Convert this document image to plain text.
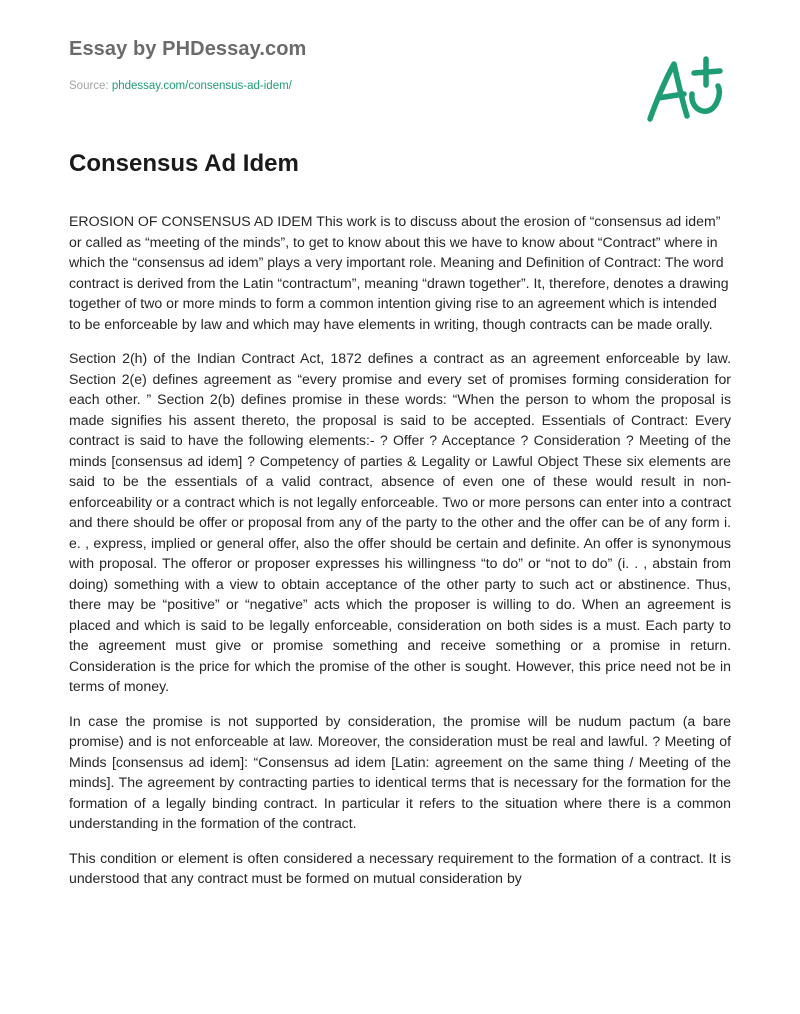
Essay by PHDessay.com
Source: phdessay.com/consensus-ad-idem/
Consensus Ad Idem

EROSION OF CONSENSUS AD IDEM This work is to discuss about the erosion of “consensus ad idem” or called as “meeting of the minds”, to get to know about this we have to know about “Contract” where in which the “consensus ad idem” plays a very important role. Meaning and Definition of Contract: The word contract is derived from the Latin “contractum”, meaning “drawn together”. It, therefore, denotes a drawing together of two or more minds to form a common intention giving rise to an agreement which is intended to be enforceable by law and which may have elements in writing, though contracts can be made orally.

Section 2(h) of the Indian Contract Act, 1872 defines a contract as an agreement enforceable by law. Section 2(e) defines agreement as “every promise and every set of promises forming consideration for each other. ” Section 2(b) defines promise in these words: “When the person to whom the proposal is made signifies his assent thereto, the proposal is said to be accepted. Essentials of Contract: Every contract is said to have the following elements:- ? Offer ? Acceptance ? Consideration ? Meeting of the minds [consensus ad idem] ? Competency of parties & Legality or Lawful Object These six elements are said to be the essentials of a valid contract, absence of even one of these would result in non-enforceability or a contract which is not legally enforceable. Two or more persons can enter into a contract and there should be offer or proposal from any of the party to the other and the offer can be of any form i. e. , express, implied or general offer, also the offer should be certain and definite. An offer is synonymous with proposal. The offeror or proposer expresses his willingness “to do” or “not to do” (i. . , abstain from doing) something with a view to obtain acceptance of the other party to such act or abstinence. Thus, there may be “positive” or “negative” acts which the proposer is willing to do. When an agreement is placed and which is said to be legally enforceable, consideration on both sides is a must. Each party to the agreement must give or promise something and receive something or a promise in return. Consideration is the price for which the promise of the other is sought. However, this price need not be in terms of money.

In case the promise is not supported by consideration, the promise will be nudum pactum (a bare promise) and is not enforceable at law. Moreover, the consideration must be real and lawful. ? Meeting of Minds [consensus ad idem]: “Consensus ad idem [Latin: agreement on the same thing / Meeting of the minds]. The agreement by contracting parties to identical terms that is necessary for the formation for the formation of a legally binding contract. In particular it refers to the situation where there is a common understanding in the formation of the contract.

This condition or element is often considered a necessary requirement to the formation of a contract. It is understood that any contract must be formed on mutual consideration by
